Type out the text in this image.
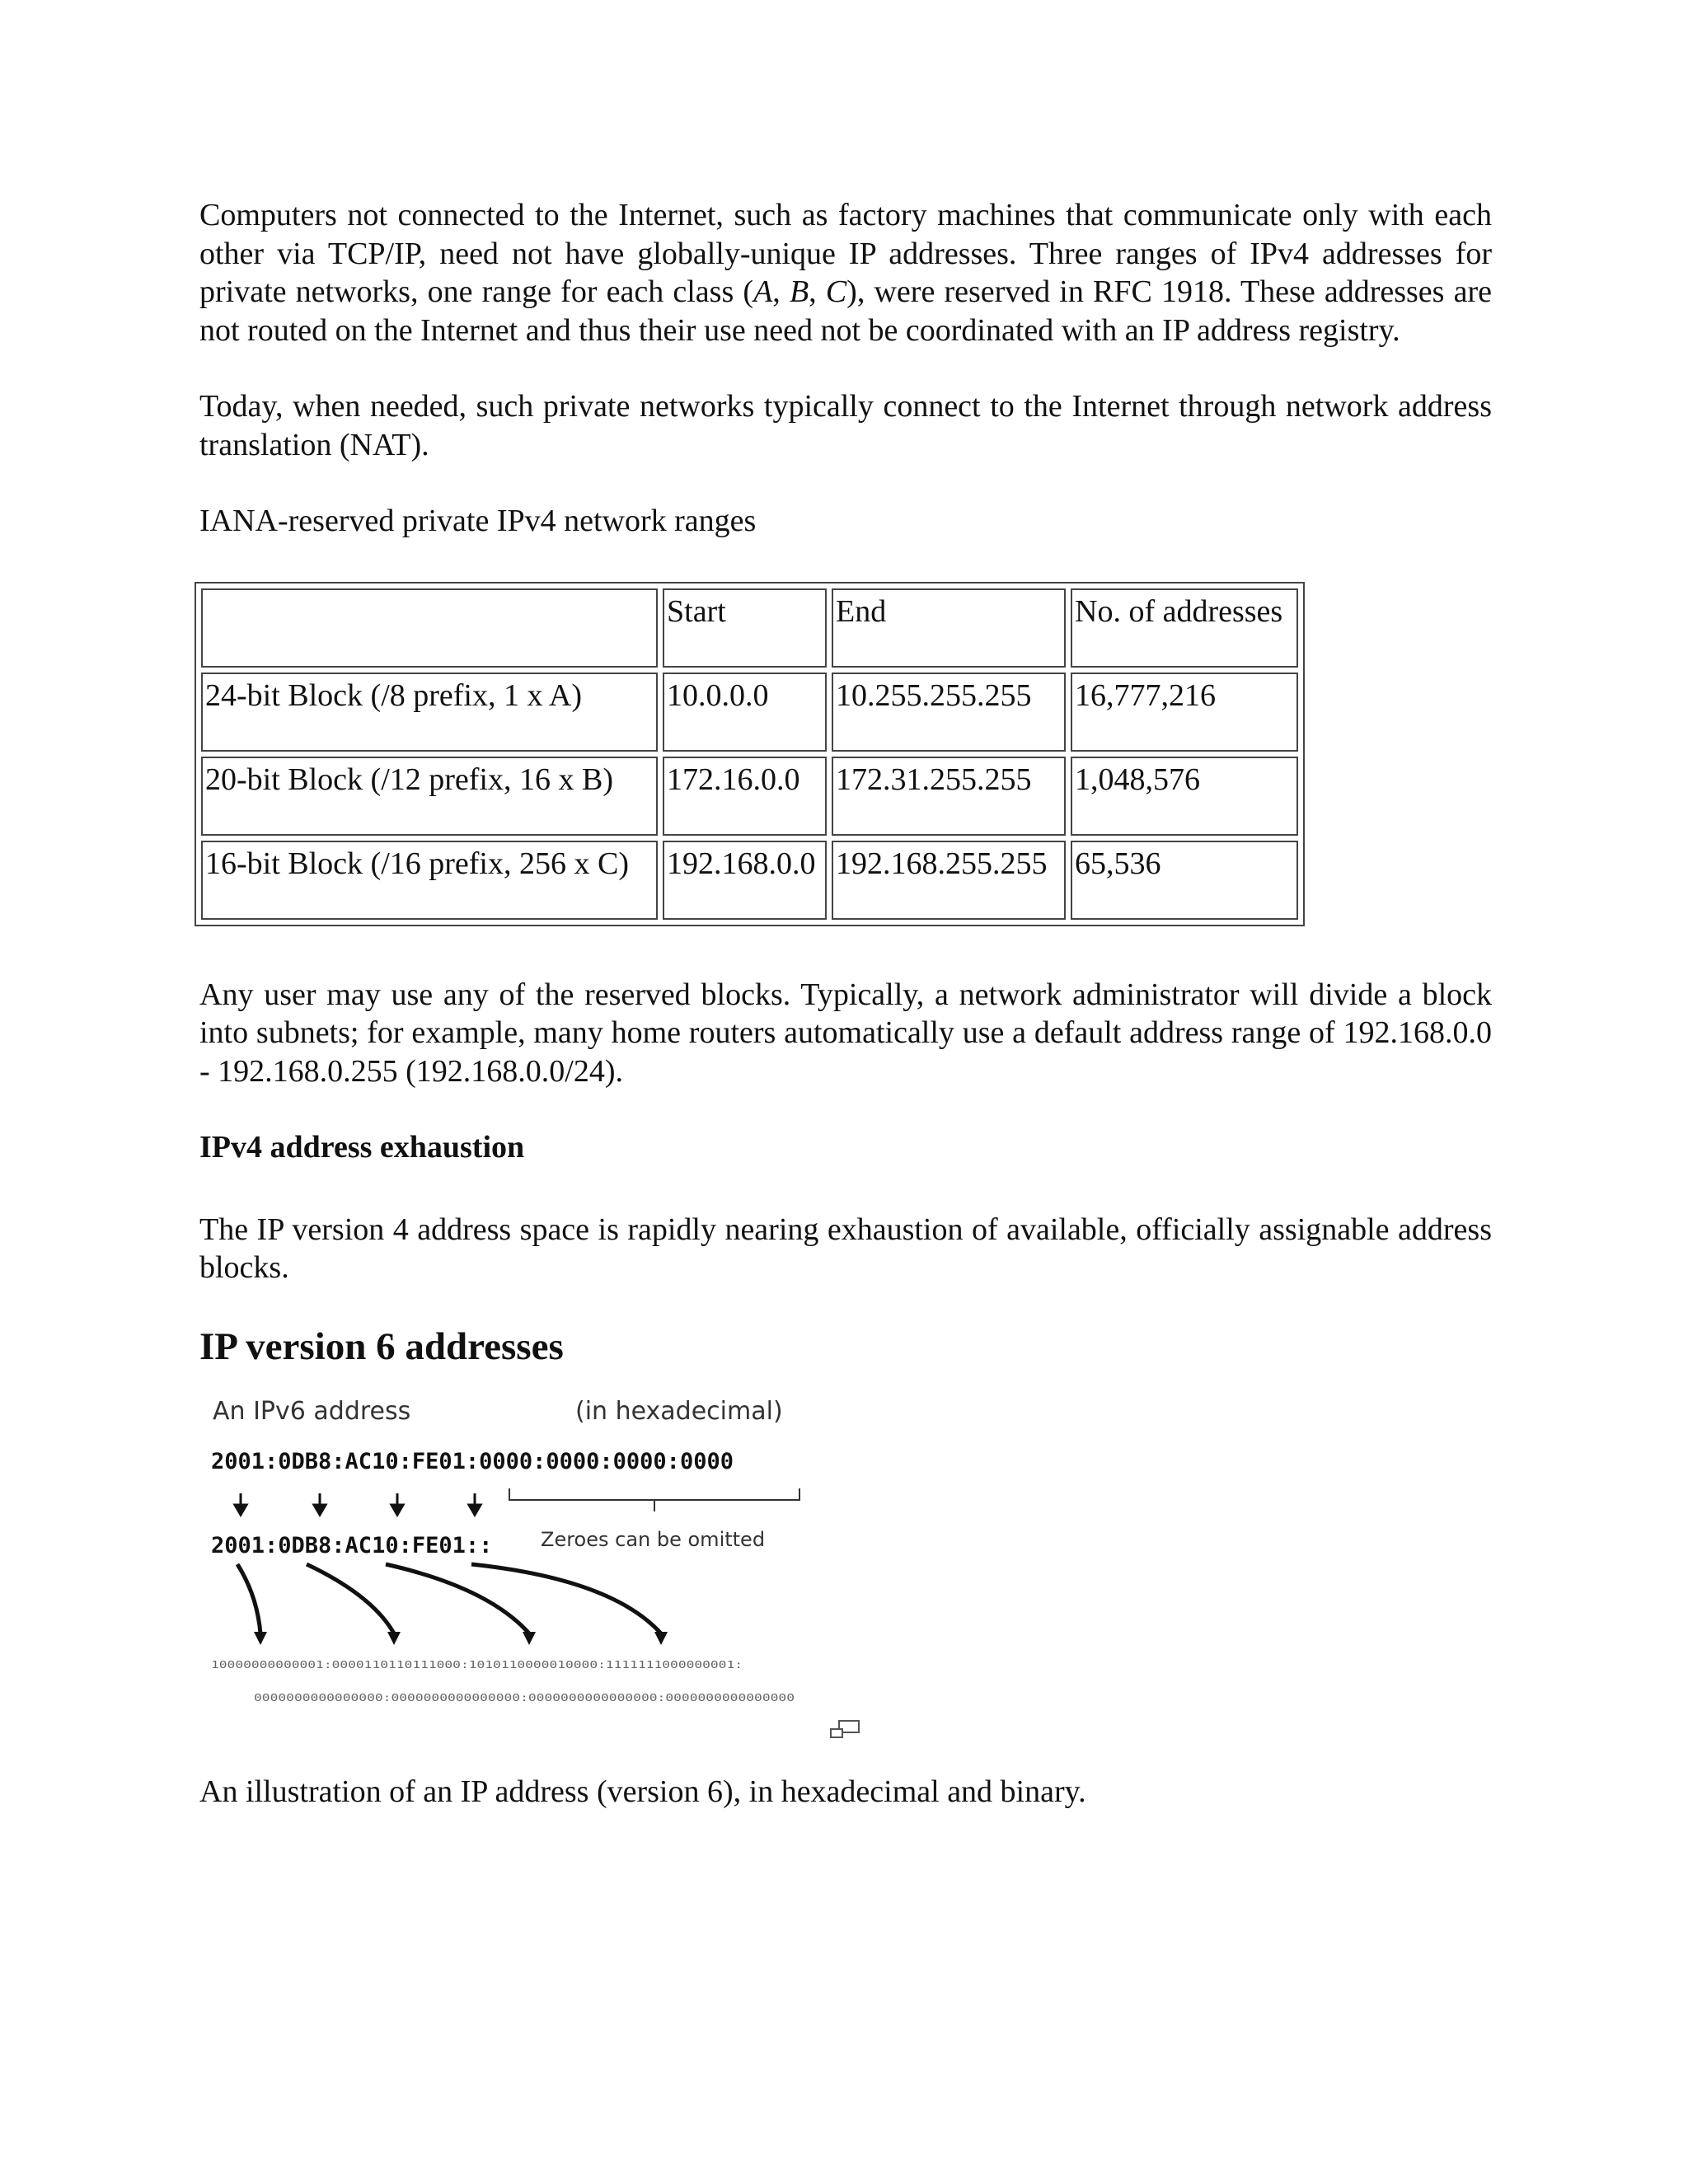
Computers not connected to the Internet, such as factory machines that communicate only with each other via TCP/IP, need not have globally-unique IP addresses. Three ranges of IPv4 addresses for private networks, one range for each class (A, B, C), were reserved in RFC 1918. These addresses are not routed on the Internet and thus their use need not be coordinated with an IP address registry.

Today, when needed, such private networks typically connect to the Internet through network address translation (NAT).

IANA-reserved private IPv4 network ranges

	Start	End	No. of addresses
24-bit Block (/8 prefix, 1 x A)	10.0.0.0	10.255.255.255	16,777,216
20-bit Block (/12 prefix, 16 x B)	172.16.0.0	172.31.255.255	1,048,576
16-bit Block (/16 prefix, 256 x C)	192.168.0.0	192.168.255.255	65,536

Any user may use any of the reserved blocks. Typically, a network administrator will divide a block into subnets; for example, many home routers automatically use a default address range of 192.168.0.0 - 192.168.0.255 (192.168.0.0/24).

IPv4 address exhaustion

The IP version 4 address space is rapidly nearing exhaustion of available, officially assignable address blocks.

IP version 6 addresses
An IPv6 address	(in hexadecimal)
2001:0DB8:AC10:FE01:0000:0000:0000:0000
2001:0DB8:AC10:FE01:: Zeroes can be omitted
10000000000001:0000110110111000:1010110000010000:1111111000000001:
0000000000000000:0000000000000000:0000000000000000:0000000000000000

An illustration of an IP address (version 6), in hexadecimal and binary.
